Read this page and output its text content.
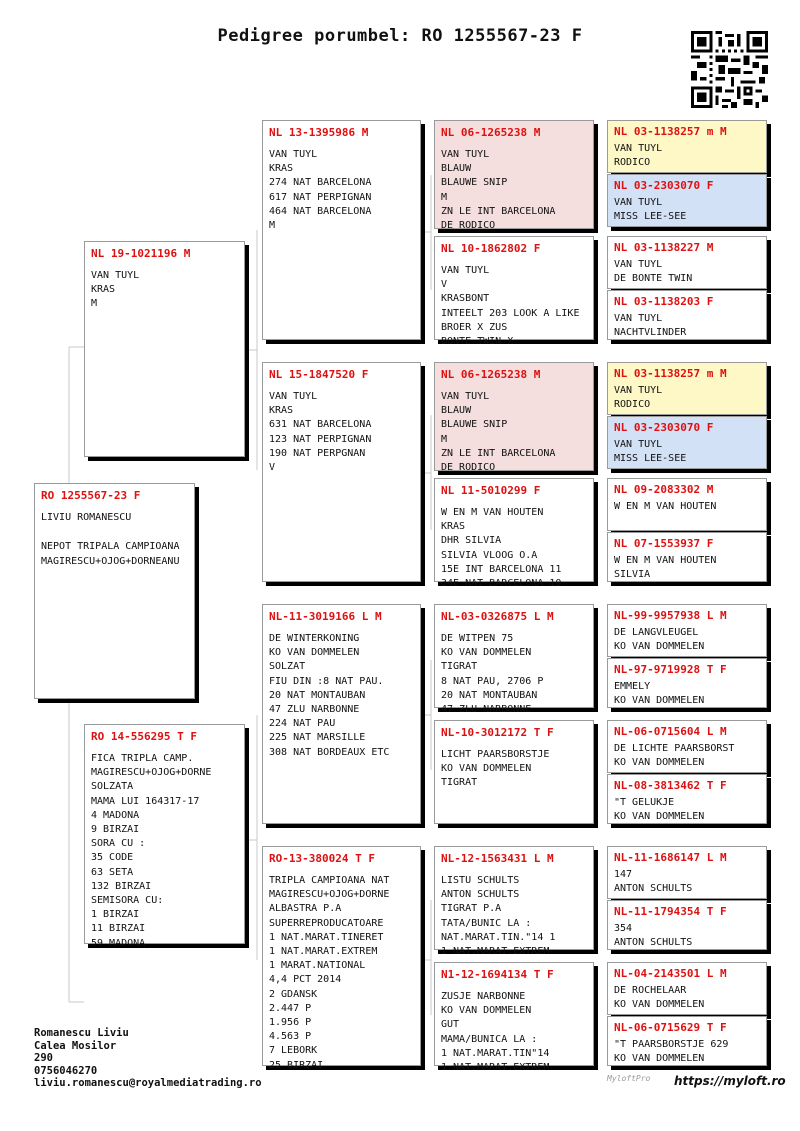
Pedigree porumbel: RO 1255567-23 F
RO 1255567-23 F
LIVIU ROMANESCU

NEPOT TRIPALA CAMPIOANA
MAGIRESCU+OJOG+DORNEANU
NL 19-1021196 M
VAN TUYL
KRAS
M
RO 14-556295 T F
FICA TRIPLA CAMP.
MAGIRESCU+OJOG+DORNE
SOLZATA
MAMA LUI 164317-17
4 MADONA
9 BIRZAI
SORA CU :
35 CODE
63 SETA
132 BIRZAI
SEMISORA CU:
1 BIRZAI
11 BIRZAI
59 MADONA
NL 13-1395986 M
VAN TUYL
KRAS
274 NAT BARCELONA
617 NAT PERPIGNAN
464 NAT BARCELONA
M
NL 15-1847520 F
VAN TUYL
KRAS
631 NAT BARCELONA
123 NAT PERPIGNAN
190 NAT PERPGNAN
V
NL-11-3019166 L M
DE WINTERKONING
KO VAN DOMMELEN
SOLZAT
FIU DIN :8 NAT PAU.
20 NAT MONTAUBAN
47 ZLU NARBONNE
224 NAT PAU
225 NAT MARSILLE
308 NAT BORDEAUX ETC
RO-13-380024 T F
TRIPLA CAMPIOANA NAT
MAGIRESCU+OJOG+DORNE
ALBASTRA P.A
SUPERREPRODUCATOARE
1 NAT.MARAT.TINERET
1 NAT.MARAT.EXTREM
1 MARAT.NATIONAL
4,4 PCT 2014
2 GDANSK
2.447 P
1.956 P
4.563 P
7 LEBORK
25 BIRZAI
NL 06-1265238 M
VAN TUYL
BLAUW
BLAUWE SNIP
M
ZN LE INT BARCELONA
DE RODICO
NL 10-1862802 F
VAN TUYL
V
KRASBONT
INTEELT 203 LOOK A LIKE
BROER X ZUS
BONTE TWIN X
NL 06-1265238 M
VAN TUYL
BLAUW
BLAUWE SNIP
M
ZN LE INT BARCELONA
DE RODICO
NL 11-5010299 F
W EN M VAN HOUTEN
KRAS
DHR SILVIA
SILVIA VLOOG O.A
15E INT BARCELONA 11
34E NAT BARCELONA 10
NL-03-0326875 L M
DE WITPEN 75
KO VAN DOMMELEN
TIGRAT
8 NAT PAU, 2706 P
20 NAT MONTAUBAN
47 ZLU NARBONNE
NL-10-3012172 T F
LICHT PAARSBORSTJE
KO VAN DOMMELEN
TIGRAT
NL-12-1563431 L M
LISTU SCHULTS
ANTON SCHULTS
TIGRAT P.A
TATA/BUNIC LA :
NAT.MARAT.TIN."14 1
1 NAT.MARAT.EXTREM
N1-12-1694134 T F
ZUSJE NARBONNE
KO VAN DOMMELEN
GUT
MAMA/BUNICA LA :
1 NAT.MARAT.TIN"14
1 NAT.MARAT.EXTREM
NL 03-1138257 m M
VAN TUYL
RODICO
NL 03-2303070 F
VAN TUYL
MISS LEE-SEE
NL 03-1138227 M
VAN TUYL
DE BONTE TWIN
NL 03-1138203 F
VAN TUYL
NACHTVLINDER
NL 03-1138257 m M
VAN TUYL
RODICO
NL 03-2303070 F
VAN TUYL
MISS LEE-SEE
NL 09-2083302 M
W EN M VAN HOUTEN
NL 07-1553937 F
W EN M VAN HOUTEN
SILVIA
NL-99-9957938 L M
DE LANGVLEUGEL
KO VAN DOMMELEN
NL-97-9719928 T F
EMMELY
KO VAN DOMMELEN
NL-06-0715604 L M
DE LICHTE PAARSBORST
KO VAN DOMMELEN
NL-08-3813462 T F
"T GELUKJE
KO VAN DOMMELEN
NL-11-1686147 L M
147
ANTON SCHULTS
NL-11-1794354 T F
354
ANTON SCHULTS
NL-04-2143501 L M
DE ROCHELAAR
KO VAN DOMMELEN
NL-06-0715629 T F
"T PAARSBORSTJE 629
KO VAN DOMMELEN
Romanescu Liviu
Calea Mosilor
290
0756046270
liviu.romanescu@royalmediatrading.ro	MyloftPro https://myloft.ro
